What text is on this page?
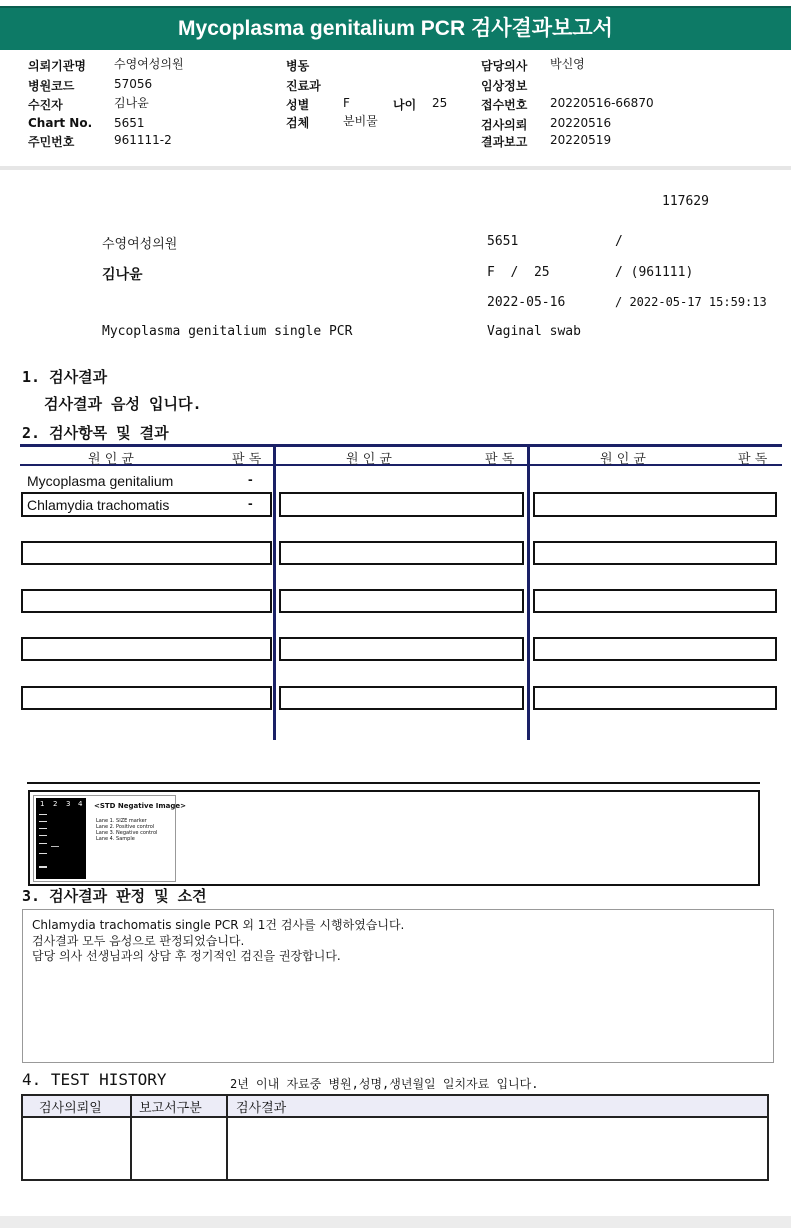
Mycoplasma genitalium PCR 검사결과보고서
의뢰기관명 수영여성의원
병원코드	57056
수진자	김나윤
Chart No. 5651
주민번호	961111-2
병동
진료과
성별	F	나이 25
검체	분비물
담당의사 박신영
임상정보
접수번호 20220516-66870
검사의뢰 20220516
결과보고 20220519
117629
수영여성의원	5651	/
김나윤	F  /  25	/ (961111)
2022-05-16	/ 2022-05-17 15:59:13
Mycoplasma genitalium single PCR	Vaginal swab
1. 검사결과
검사결과 음성 입니다.
2. 검사항목 및 결과
원 인 균	판 독	원 인 균	판 독	원 인 균	판 독
Mycoplasma genitalium	-
Chlamydia trachomatis	-
1 2 3 4 <STD Negative Image>
Lane 1. SIZE marker
Lane 2. Positive control
Lane 3. Negative control
Lane 4. Sample
3. 검사결과 판정 및 소견
Chlamydia trachomatis single PCR 외 1건 검사를 시행하였습니다.
검사결과 모두 음성으로 판정되었습니다.
담당 의사 선생님과의 상담 후 정기적인 검진을 권장합니다.
4. TEST HISTORY	2년 이내 자료중 병원,성명,생년월일 일치자료 입니다.
검사의뢰일	보고서구분	검사결과
